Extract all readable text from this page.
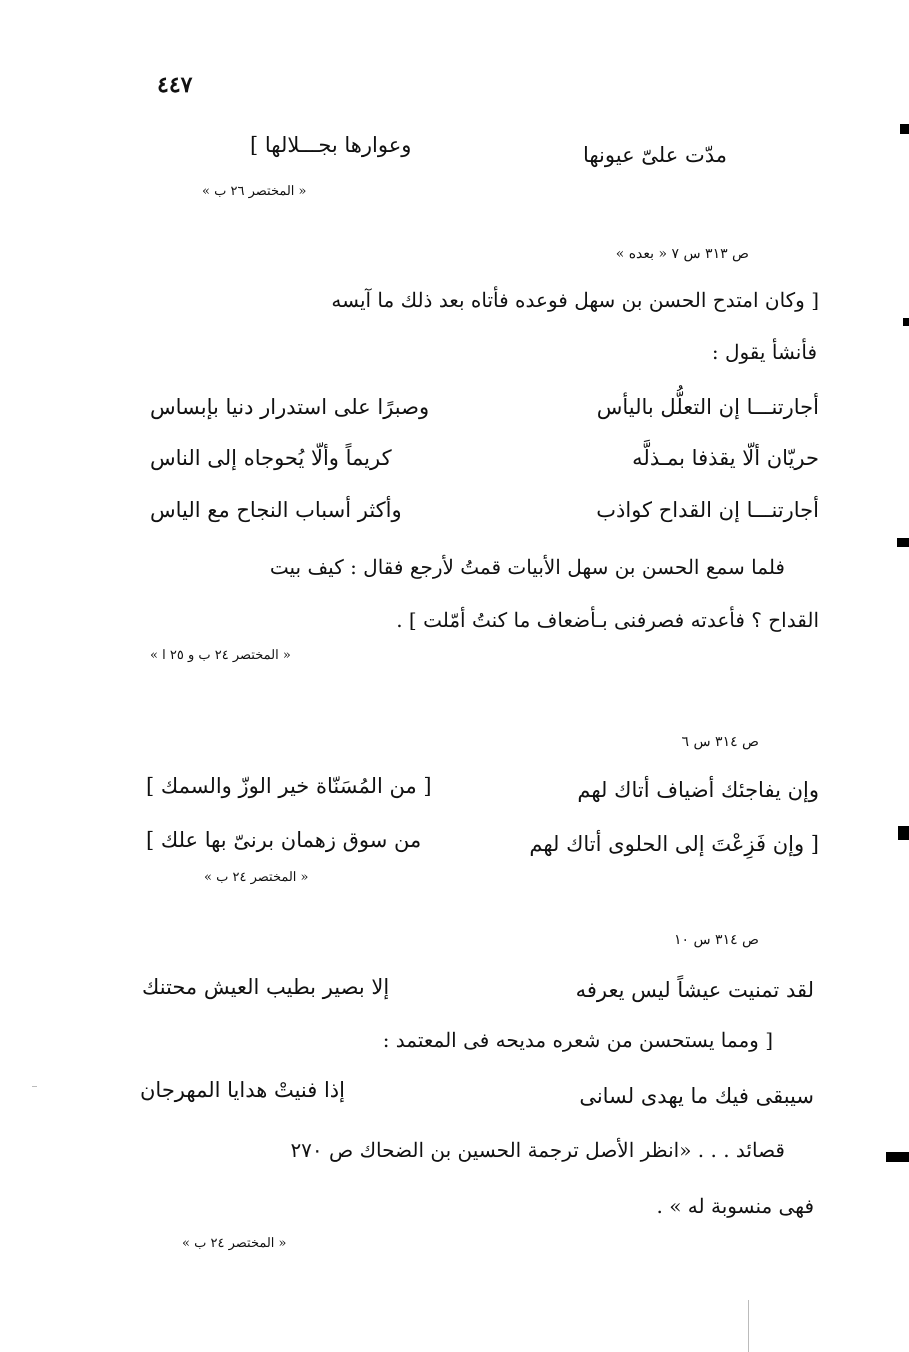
٤٤٧
مدّت علىّ عيونها
وعوارها بجـــلالها ]
« المختصر ٢٦ ب »
ص ٣١٣ س ٧ « بعده »
[ وكان امتدح الحسن بن سهل فوعده فأتاه بعد ذلك ما آيسه
فأنشأ يقول :
أجارتنـــا إن التعلُّل باليأس
وصبرًا على استدرار دنيا بإبساس
حريّان ألّا يقذفا بمـذلَّه
كريماً وألّا يُحوجاه إلى الناس
أجارتنـــا إن القداح كواذب
وأكثر أسباب النجاح مع الياس
فلما سمع الحسن بن سهل الأبيات قمتُ لأرجع فقال : كيف بيت
القداح ؟ فأعدته فصرفنى بـأضعاف ما كنتُ أمّلت ] .
« المختصر ٢٤ ب و ٢٥ ا »
ص ٣١٤ س ٦
وإن يفاجئك أضياف أتاك لهم
[ من المُسَنّاة خير الوزّ والسمك ]
[ وإن فَزِعْتَ إلى الحلوى أتاك لهم
من سوق زهمان برنىّ بها علك ]
« المختصر ٢٤ ب »
ص ٣١٤ س ١٠
لقد تمنيت عيشاً ليس يعرفه
إلا بصير بطيب العيش محتنك
[ ومما يستحسن من شعره مديحه فى المعتمد :
سيبقى فيك ما يهدى لسانى
إذا فنيتْ هدايا المهرجان
قصائد . . . «انظر الأصل ترجمة الحسين بن الضحاك ص ٢٧٠
فهى منسوبة له » .
« المختصر ٢٤ ب »
